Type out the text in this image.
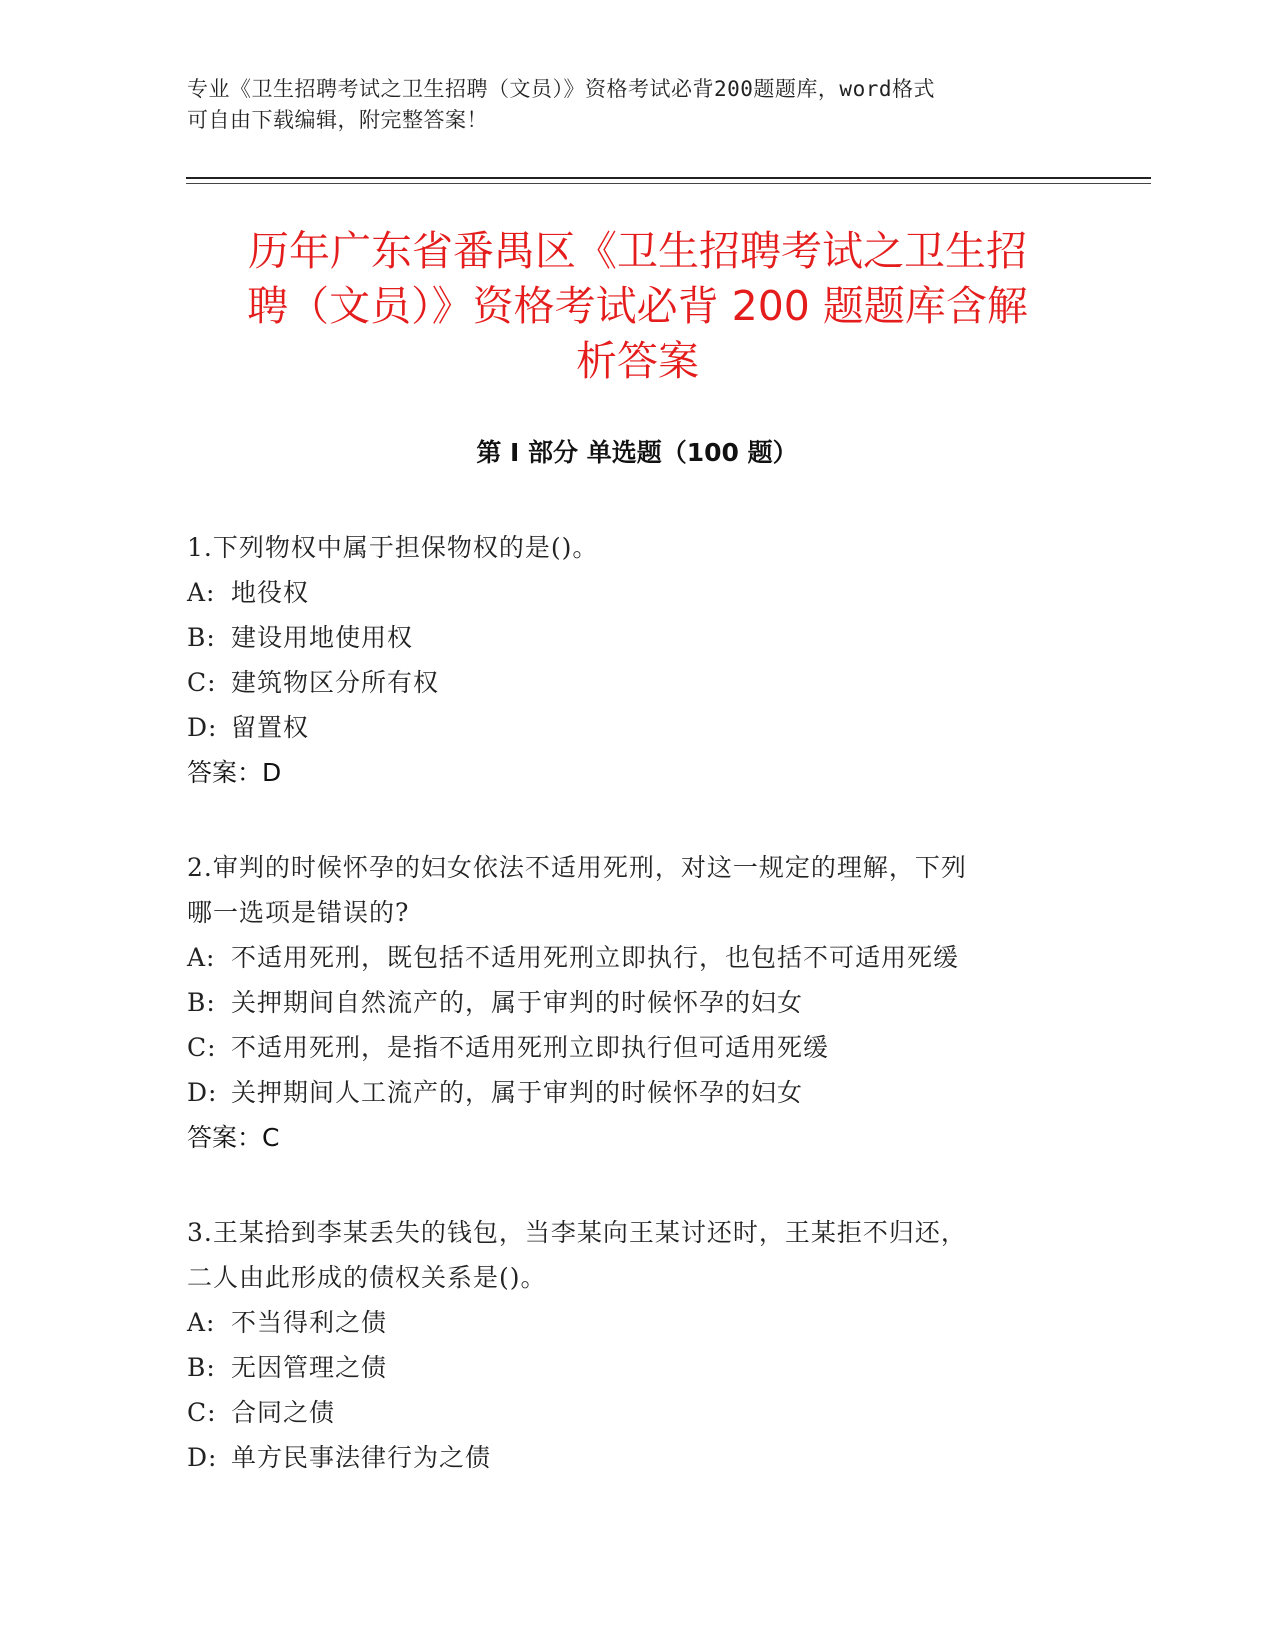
专业《卫生招聘考试之卫生招聘（文员）》资格考试必背200题题库，word格式
可自由下载编辑，附完整答案！
历年广东省番禺区《卫生招聘考试之卫生招
聘（文员）》资格考试必背 200 题题库含解
析答案
第 I 部分 单选题（100 题）

1.下列物权中属于担保物权的是()。

A: 地役权

B: 建设用地使用权

C: 建筑物区分所有权

D: 留置权

答案：D

2.审判的时候怀孕的妇女依法不适用死刑，对这一规定的理解，下列

哪一选项是错误的?

A: 不适用死刑，既包括不适用死刑立即执行，也包括不可适用死缓

B: 关押期间自然流产的，属于审判的时候怀孕的妇女

C: 不适用死刑，是指不适用死刑立即执行但可适用死缓

D: 关押期间人工流产的，属于审判的时候怀孕的妇女

答案：C

3.王某拾到李某丢失的钱包，当李某向王某讨还时，王某拒不归还，

二人由此形成的债权关系是()。

A: 不当得利之债

B: 无因管理之债

C: 合同之债

D: 单方民事法律行为之债
